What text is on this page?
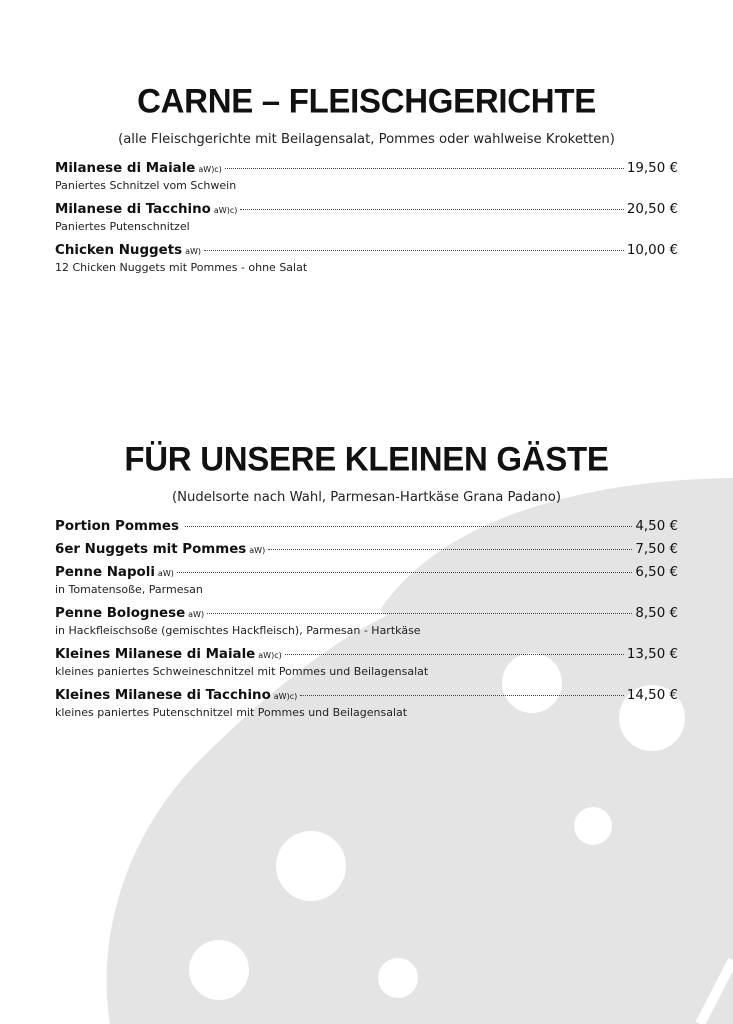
CARNE – FLEISCHGERICHTE
(alle Fleischgerichte mit Beilagensalat, Pommes oder wahlweise Kroketten)
Milanese di Maiale aW)c)	19,50 €
Paniertes Schnitzel vom Schwein
Milanese di Tacchino aW)c)	20,50 €
Paniertes Putenschnitzel
Chicken Nuggets aW)	10,00 €
12 Chicken Nuggets mit Pommes - ohne Salat
FÜR UNSERE KLEINEN GÄSTE
(Nudelsorte nach Wahl, Parmesan-Hartkäse Grana Padano)
Portion Pommes	4,50 €
6er Nuggets mit Pommes aW)	7,50 €
Penne Napoli aW)	6,50 €
in Tomatensoße, Parmesan
Penne Bolognese aW)	8,50 €
in Hackfleischsoße (gemischtes Hackfleisch), Parmesan - Hartkäse
Kleines Milanese di Maiale aW)c)	13,50 €
kleines paniertes Schweineschnitzel mit Pommes und Beilagensalat
Kleines Milanese di Tacchino aW)c)	14,50 €
kleines paniertes Putenschnitzel mit Pommes und Beilagensalat
